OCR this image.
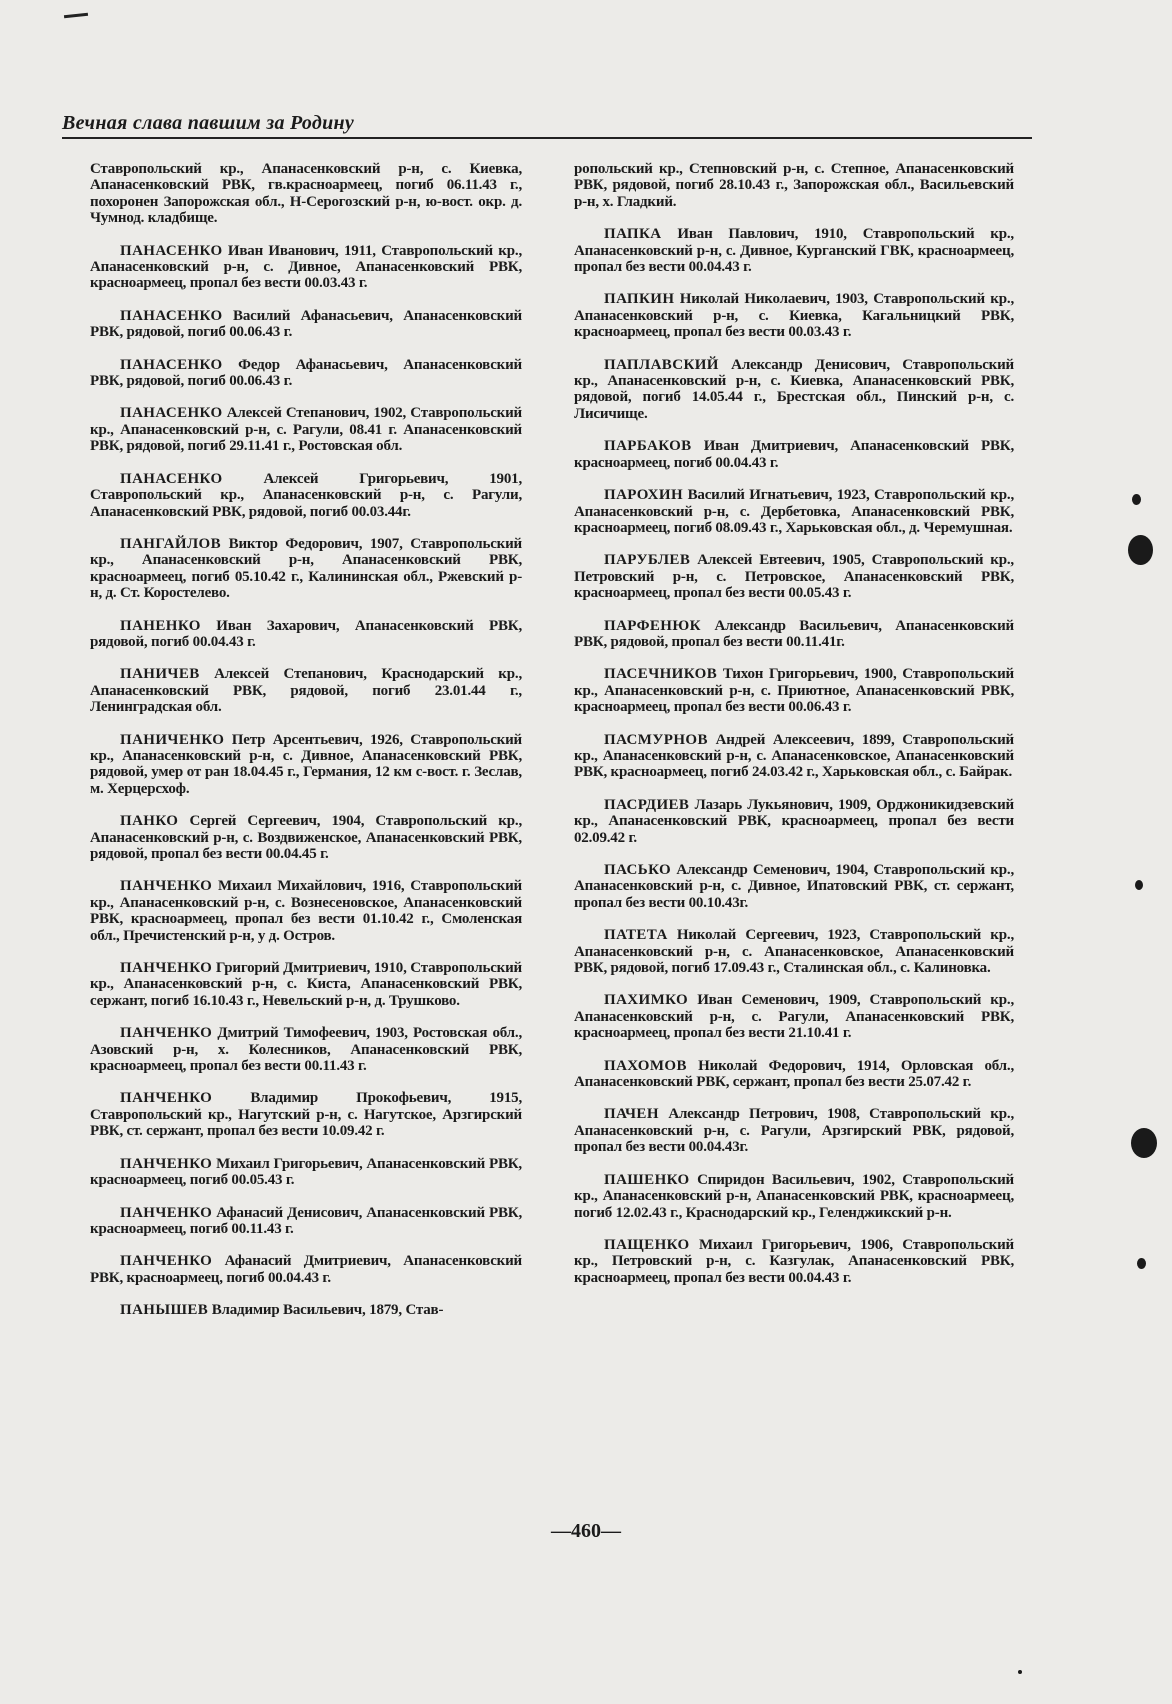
Вечная слава павшим за Родину

Ставропольский кр., Апанасенковский р-н, с. Киевка, Апанасенковский РВК, гв.красноармеец, погиб 06.11.43 г., похоронен Запорожская обл., Н-Серогозский р-н, ю-вост. окр. д. Чумнод. кладбище.

ПАНАСЕНКО Иван Иванович, 1911, Ставропольский кр., Апанасенковский р-н, с. Дивное, Апанасенковский РВК, красноармеец, пропал без вести 00.03.43 г.

ПАНАСЕНКО Василий Афанасьевич, Апанасенковский РВК, рядовой, погиб 00.06.43 г.

ПАНАСЕНКО Федор Афанасьевич, Апанасенковский РВК, рядовой, погиб 00.06.43 г.

ПАНАСЕНКО Алексей Степанович, 1902, Ставропольский кр., Апанасенковский р-н, с. Рагули, 08.41 г. Апанасенковский РВК, рядовой, погиб 29.11.41 г., Ростовская обл.

ПАНАСЕНКО Алексей Григорьевич, 1901, Ставропольский кр., Апанасенковский р-н, с. Рагули, Апанасенковский РВК, рядовой, погиб 00.03.44г.

ПАНГАЙЛОВ Виктор Федорович, 1907, Ставропольский кр., Апанасенковский р-н, Апанасенковский РВК, красноармеец, погиб 05.10.42 г., Калининская обл., Ржевский р-н, д. Ст. Коростелево.

ПАНЕНКО Иван Захарович, Апанасенковский РВК, рядовой, погиб 00.04.43 г.

ПАНИЧЕВ Алексей Степанович, Краснодарский кр., Апанасенковский РВК, рядовой, погиб 23.01.44 г., Ленинградская обл.

ПАНИЧЕНКО Петр Арсентьевич, 1926, Ставропольский кр., Апанасенковский р-н, с. Дивное, Апанасенковский РВК, рядовой, умер от ран 18.04.45 г., Германия, 12 км с-вост. г. Зеслав, м. Херцерсхоф.

ПАНКО Сергей Сергеевич, 1904, Ставропольский кр., Апанасенковский р-н, с. Воздвиженское, Апанасенковский РВК, рядовой, пропал без вести 00.04.45 г.

ПАНЧЕНКО Михаил Михайлович, 1916, Ставропольский кр., Апанасенковский р-н, с. Вознесеновское, Апанасенковский РВК, красноармеец, пропал без вести 01.10.42 г., Смоленская обл., Пречистенский р-н, у д. Остров.

ПАНЧЕНКО Григорий Дмитриевич, 1910, Ставропольский кр., Апанасенковский р-н, с. Киста, Апанасенковский РВК, сержант, погиб 16.10.43 г., Невельский р-н, д. Трушково.

ПАНЧЕНКО Дмитрий Тимофеевич, 1903, Ростовская обл., Азовский р-н, х. Колесников, Апанасенковский РВК, красноармеец, пропал без вести 00.11.43 г.

ПАНЧЕНКО Владимир Прокофьевич, 1915, Ставропольский кр., Нагутский р-н, с. Нагутское, Арзгирский РВК, ст. сержант, пропал без вести 10.09.42 г.

ПАНЧЕНКО Михаил Григорьевич, Апанасенковский РВК, красноармеец, погиб 00.05.43 г.

ПАНЧЕНКО Афанасий Денисович, Апанасенковский РВК, красноармеец, погиб 00.11.43 г.

ПАНЧЕНКО Афанасий Дмитриевич, Апанасенковский РВК, красноармеец, погиб 00.04.43 г.

ПАНЫШЕВ Владимир Васильевич, 1879, Став-

ропольский кр., Степновский р-н, с. Степное, Апанасенковский РВК, рядовой, погиб 28.10.43 г., Запорожская обл., Васильевский р-н, х. Гладкий.

ПАПКА Иван Павлович, 1910, Ставропольский кр., Апанасенковский р-н, с. Дивное, Курганский ГВК, красноармеец, пропал без вести 00.04.43 г.

ПАПКИН Николай Николаевич, 1903, Ставропольский кр., Апанасенковский р-н, с. Киевка, Кагальницкий РВК, красноармеец, пропал без вести 00.03.43 г.

ПАПЛАВСКИЙ Александр Денисович, Ставропольский кр., Апанасенковский р-н, с. Киевка, Апанасенковский РВК, рядовой, погиб 14.05.44 г., Брестская обл., Пинский р-н, с. Лисичище.

ПАРБАКОВ Иван Дмитриевич, Апанасенковский РВК, красноармеец, погиб 00.04.43 г.

ПАРОХИН Василий Игнатьевич, 1923, Ставропольский кр., Апанасенковский р-н, с. Дербетовка, Апанасенковский РВК, красноармеец, погиб 08.09.43 г., Харьковская обл., д. Черемушная.

ПАРУБЛЕВ Алексей Евтеевич, 1905, Ставропольский кр., Петровский р-н, с. Петровское, Апанасенковский РВК, красноармеец, пропал без вести 00.05.43 г.

ПАРФЕНЮК Александр Васильевич, Апанасенковский РВК, рядовой, пропал без вести 00.11.41г.

ПАСЕЧНИКОВ Тихон Григорьевич, 1900, Ставропольский кр., Апанасенковский р-н, с. Приютное, Апанасенковский РВК, красноармеец, пропал без вести 00.06.43 г.

ПАСМУРНОВ Андрей Алексеевич, 1899, Ставропольский кр., Апанасенковский р-н, с. Апанасенковское, Апанасенковский РВК, красноармеец, погиб 24.03.42 г., Харьковская обл., с. Байрак.

ПАСРДИЕВ Лазарь Лукьянович, 1909, Орджоникидзевский кр., Апанасенковский РВК, красноармеец, пропал без вести 02.09.42 г.

ПАСЬКО Александр Семенович, 1904, Ставропольский кр., Апанасенковский р-н, с. Дивное, Ипатовский РВК, ст. сержант, пропал без вести 00.10.43г.

ПАТЕТА Николай Сергеевич, 1923, Ставропольский кр., Апанасенковский р-н, с. Апанасенковское, Апанасенковский РВК, рядовой, погиб 17.09.43 г., Сталинская обл., с. Калиновка.

ПАХИМКО Иван Семенович, 1909, Ставропольский кр., Апанасенковский р-н, с. Рагули, Апанасенковский РВК, красноармеец, пропал без вести 21.10.41 г.

ПАХОМОВ Николай Федорович, 1914, Орловская обл., Апанасенковский РВК, сержант, пропал без вести 25.07.42 г.

ПАЧЕН Александр Петрович, 1908, Ставропольский кр., Апанасенковский р-н, с. Рагули, Арзгирский РВК, рядовой, пропал без вести 00.04.43г.

ПАШЕНКО Спиридон Васильевич, 1902, Ставропольский кр., Апанасенковский р-н, Апанасенковский РВК, красноармеец, погиб 12.02.43 г., Краснодарский кр., Геленджикский р-н.

ПАЩЕНКО Михаил Григорьевич, 1906, Ставропольский кр., Петровский р-н, с. Казгулак, Апанасенковский РВК, красноармеец, пропал без вести 00.04.43 г.

—460—
